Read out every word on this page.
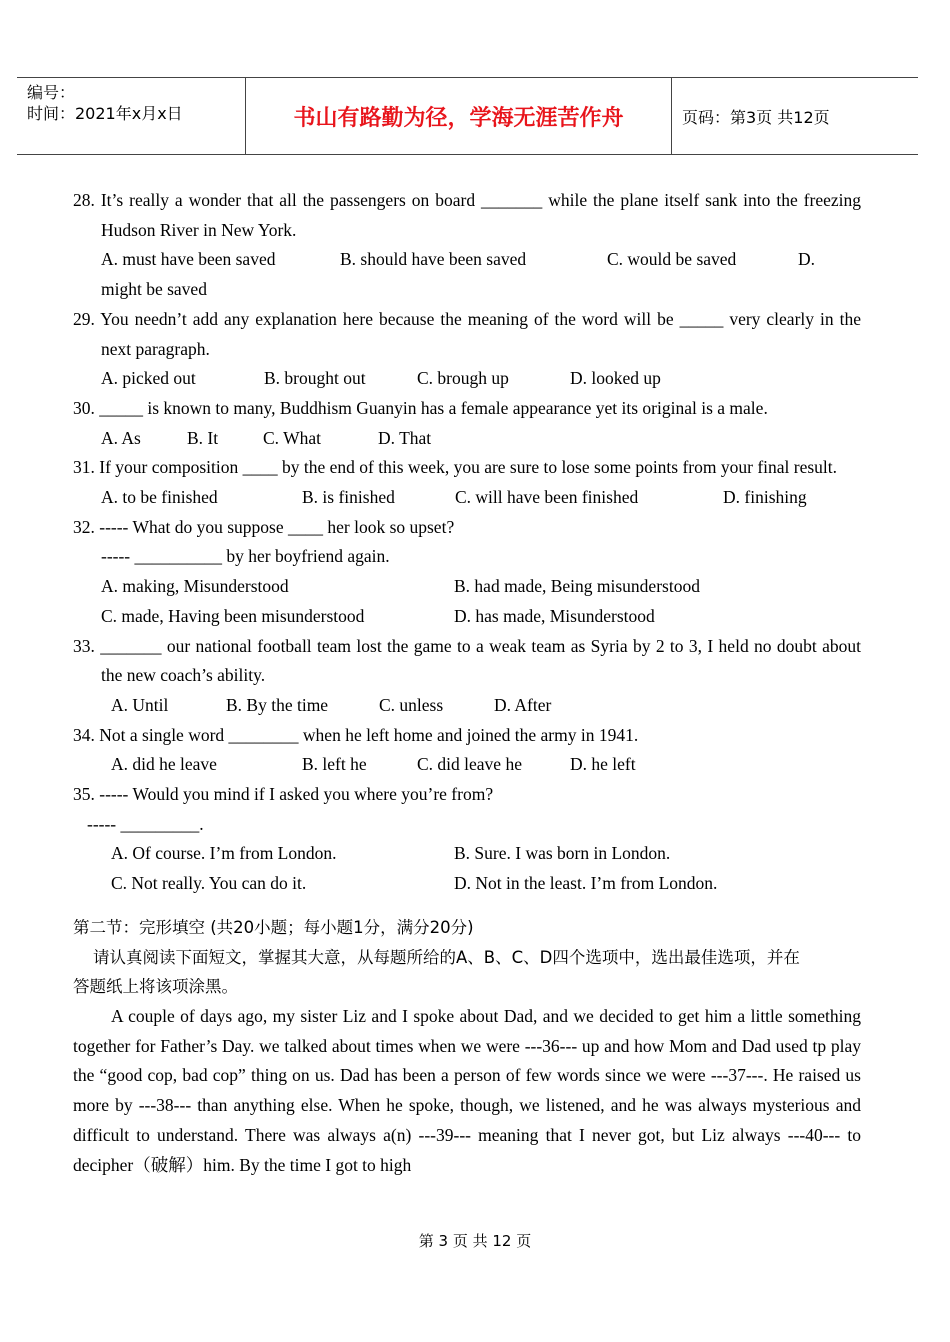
编号：
时间：2021年x月x日	书山有路勤为径，学海无涯苦作舟	页码：第3页 共12页

28. It’s really a wonder that all the passengers on board _______ while the plane itself sank into the freezing Hudson River in New York.

A. must have been saved	B. should have been saved	C. would be saved	D.
might be saved

29. You needn’t add any explanation here because the meaning of the word will be _____ very clearly in the next paragraph.

A. picked out	B. brought out	C. brough up	D. looked up

30. _____ is known to many, Buddhism Guanyin has a female appearance yet its original is a male.

A. As	B. It	C. What	D. That

31. If your composition ____ by the end of this week, you are sure to lose some points from your final result.

A. to be finished	B. is finished	C. will have been finished	D. finishing

32. ----- What do you suppose ____ her look so upset?

----- __________ by her boyfriend again.
A. making, Misunderstood	B. had made, Being misunderstood
C. made, Having been misunderstood	D. has made, Misunderstood

33. _______ our national football team lost the game to a weak team as Syria by 2 to 3, I held no doubt about the new coach’s ability.

A. Until	B. By the time	C. unless	D. After

34. Not a single word ________ when he left home and joined the army in 1941.

A. did he leave	B. left he	C. did leave he	D. he left

35. ----- Would you mind if I asked you where you’re from?

----- _________.
A. Of course. I’m from London.	B. Sure. I was born in London.
C. Not really. You can do it.	D. Not in the least. I’m from London.
第二节：完形填空 (共20小题；每小题1分，满分20分)

请认真阅读下面短文，掌握其大意，从每题所给的A、B、C、D四个选项中，选出最佳选项，并在答题纸上将该项涂黑。

A couple of days ago, my sister Liz and I spoke about Dad, and we decided to get him a little something together for Father’s Day. we talked about times when we were ---36--- up and how Mom and Dad used tp play the “good cop, bad cop” thing on us. Dad has been a person of few words since we were ---37---. He raised us more by ---38--- than anything else. When he spoke, though, we listened, and he was always mysterious and difficult to understand. There was always a(n) ---39--- meaning that I never got, but Liz always ---40--- to decipher（破解）him. By the time I got to high

第 3 页 共 12 页
